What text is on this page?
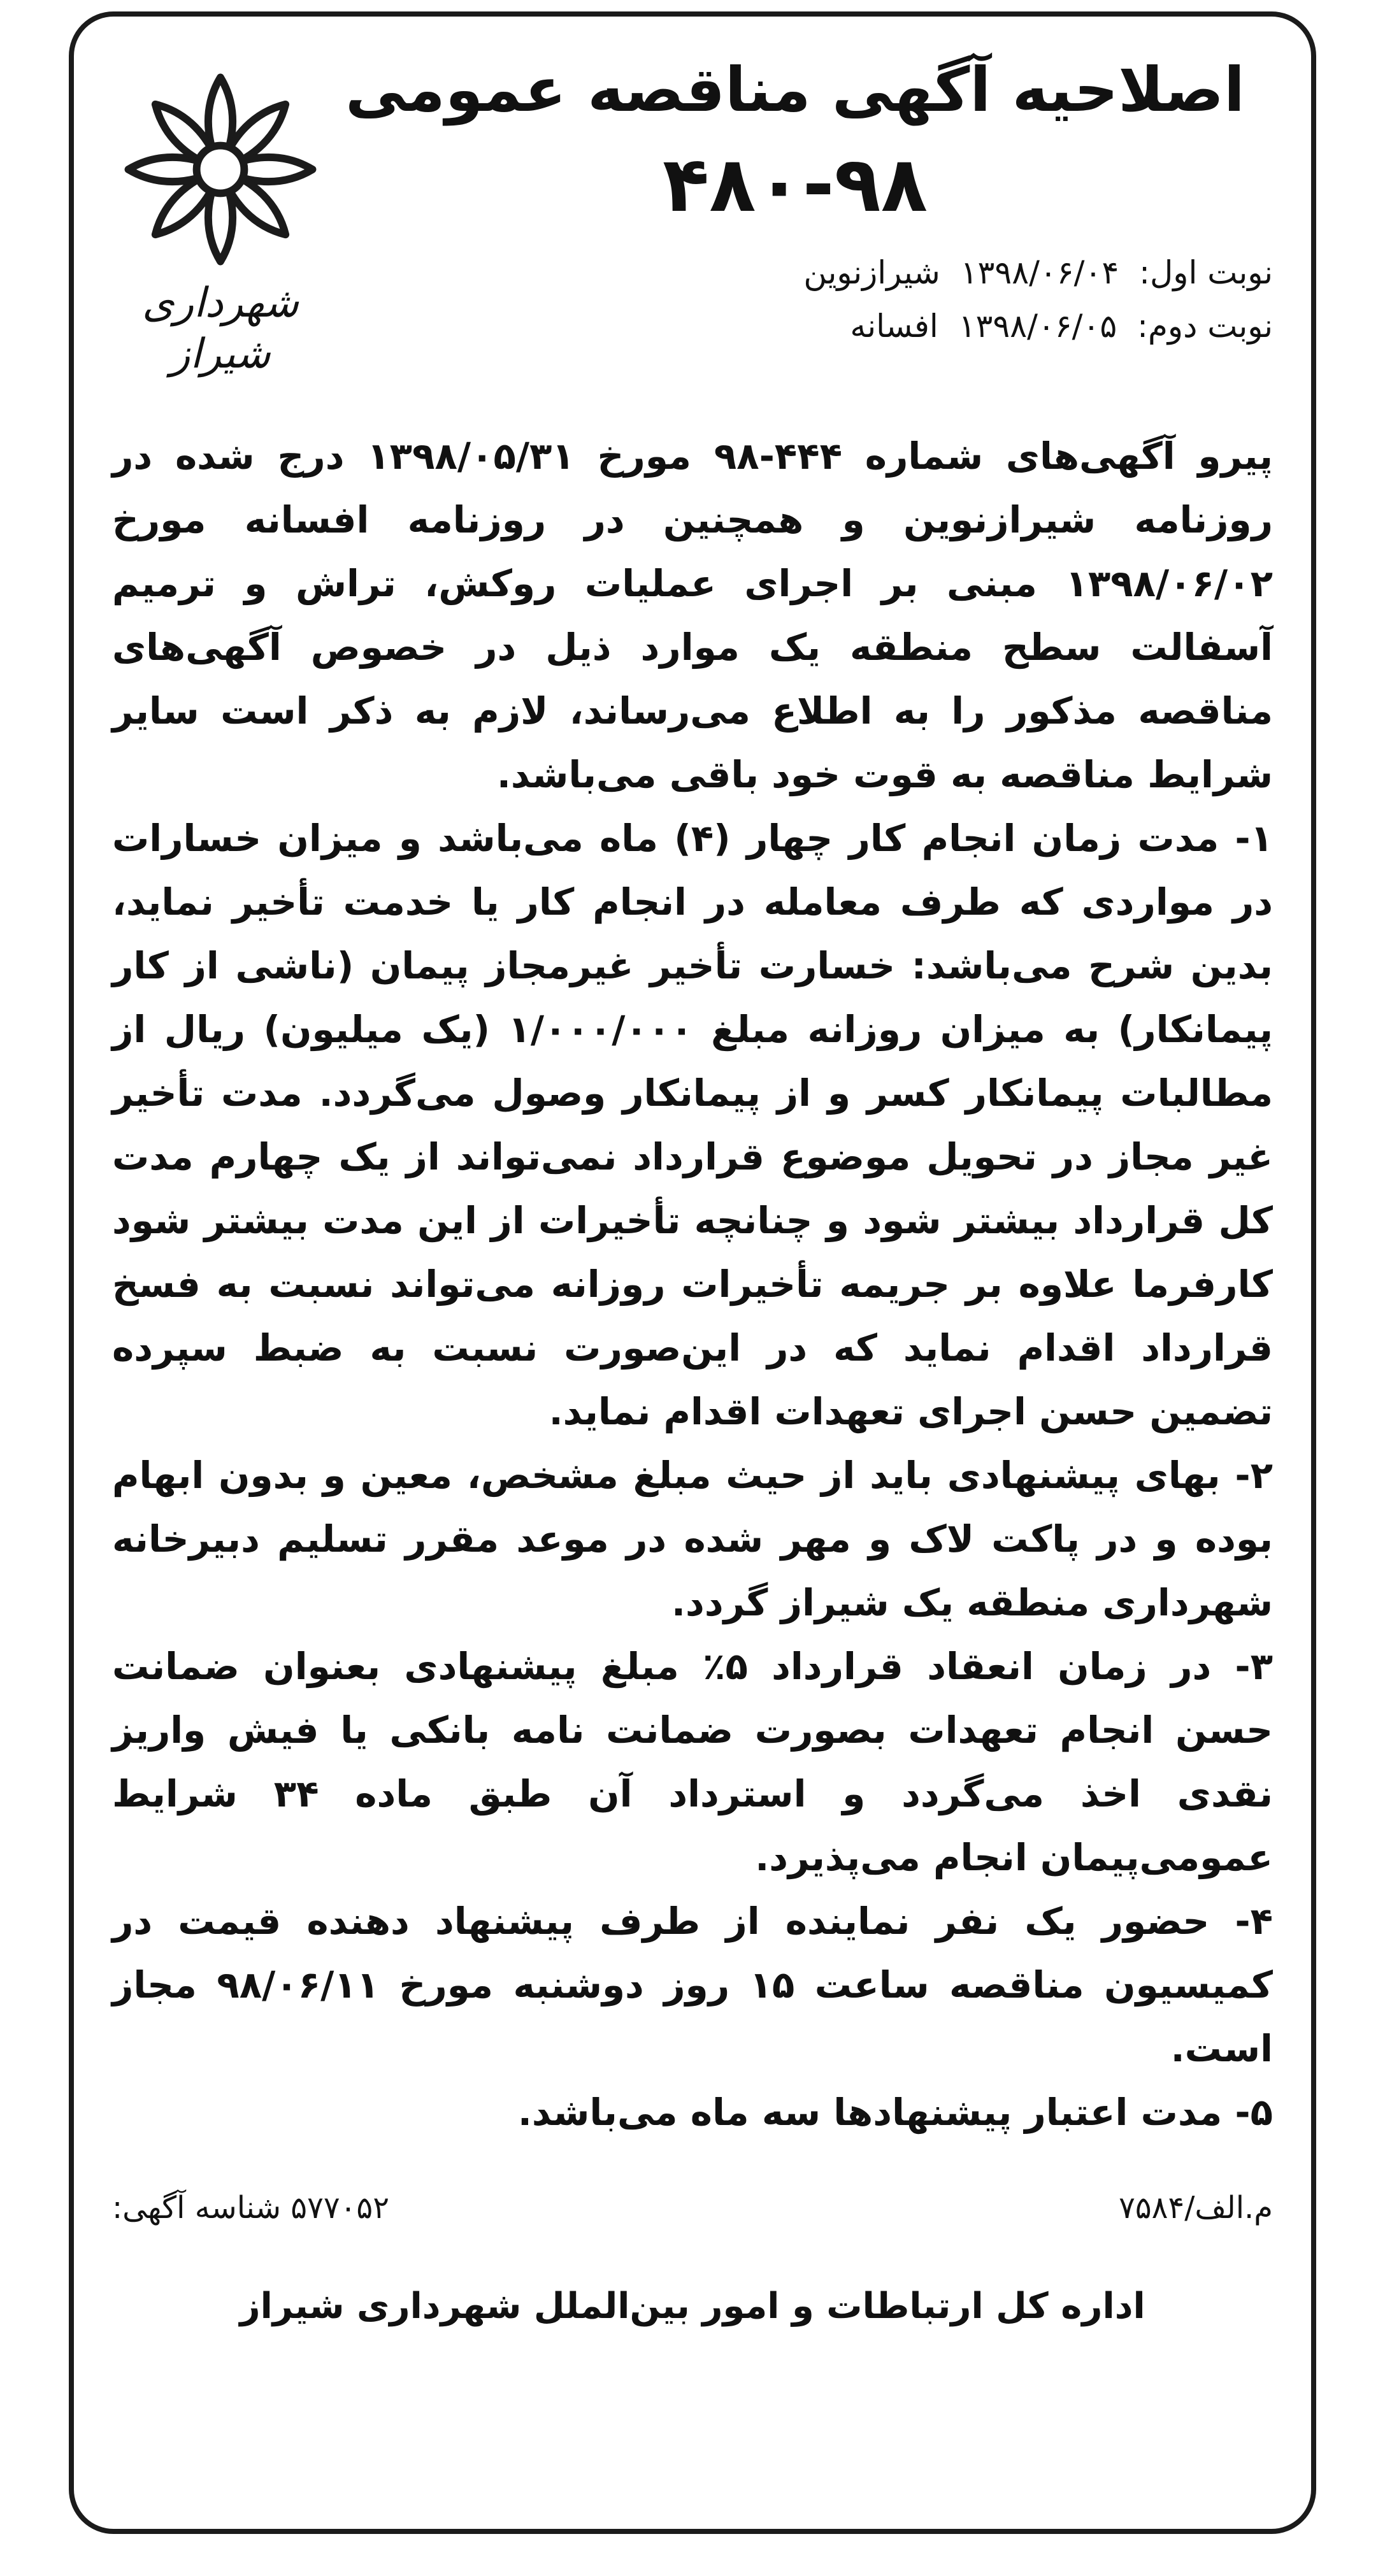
اصلاحیه آگهی مناقصه عمومی
۴۸۰-۹۸
شهرداری شیراز
نوبت اول: ۱۳۹۸/۰۶/۰۴ شیرازنوین
نوبت دوم: ۱۳۹۸/۰۶/۰۵ افسانه

پیرو آگهی‌های شماره ۴۴۴-۹۸ مورخ ۱۳۹۸/۰۵/۳۱ درج شده در روزنامه شیرازنوین و همچنین در روزنامه افسانه مورخ ۱۳۹۸/۰۶/۰۲ مبنی بر اجرای عملیات روکش، تراش و ترمیم آسفالت سطح منطقه یک موارد ذیل در خصوص آگهی‌های مناقصه مذکور را به اطلاع می‌رساند، لازم به ذکر است سایر شرایط مناقصه به قوت خود باقی می‌باشد.

۱- مدت زمان انجام کار چهار (۴) ماه می‌باشد و میزان خسارات در مواردی که طرف معامله در انجام کار یا خدمت تأخیر نماید، بدین شرح می‌باشد: خسارت تأخیر غیرمجاز پیمان (ناشی از کار پیمانکار) به میزان روزانه مبلغ ۱/۰۰۰/۰۰۰ (یک میلیون) ریال از مطالبات پیمانکار کسر و از پیمانکار وصول می‌گردد. مدت تأخیر غیر مجاز در تحویل موضوع قرارداد نمی‌تواند از یک چهارم مدت کل قرارداد بیشتر شود و چنانچه تأخیرات از این مدت بیشتر شود کارفرما علاوه بر جریمه تأخیرات روزانه می‌تواند نسبت به فسخ قرارداد اقدام نماید که در این‌صورت نسبت به ضبط سپرده تضمین حسن اجرای تعهدات اقدام نماید.

۲- بهای پیشنهادی باید از حیث مبلغ مشخص، معین و بدون ابهام بوده و در پاکت لاک و مهر شده در موعد مقرر تسلیم دبیرخانه شهرداری منطقه یک شیراز گردد.

۳- در زمان انعقاد قرارداد ۵٪ مبلغ پیشنهادی بعنوان ضمانت حسن انجام تعهدات بصورت ضمانت نامه بانکی یا فیش واریز نقدی اخذ می‌گردد و استرداد آن طبق ماده ۳۴ شرایط عمومی‌پیمان انجام می‌پذیرد.

۴- حضور یک نفر نماینده از طرف پیشنهاد دهنده قیمت در کمیسیون مناقصه ساعت ۱۵ روز دوشنبه مورخ ۹۸/۰۶/۱۱ مجاز است.

۵- مدت اعتبار پیشنهادها سه ماه می‌باشد.

۵۷۷۰۵۲ شناسه آگهی:	م.الف/۷۵۸۴
اداره کل ارتباطات و امور بین‌الملل شهرداری شیراز
